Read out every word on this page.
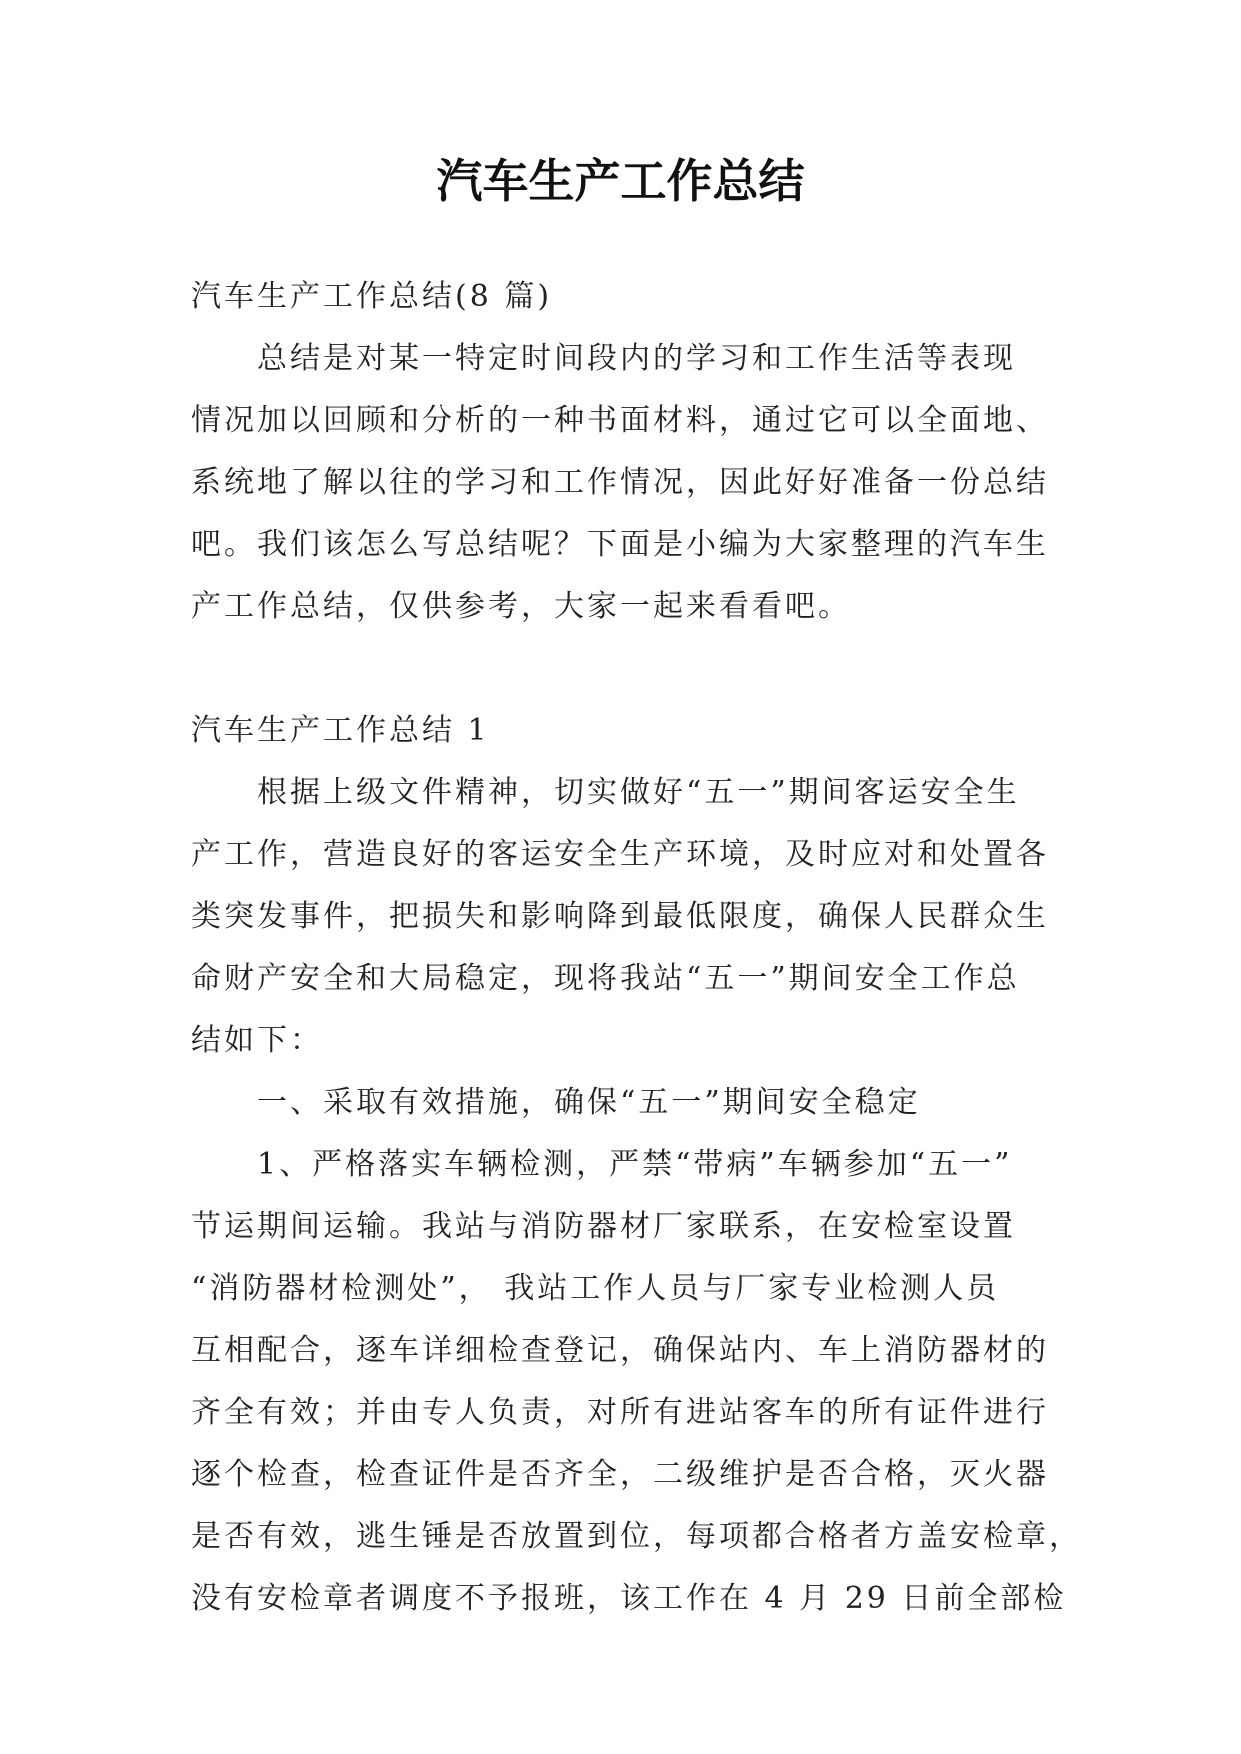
汽车生产工作总结
汽车生产工作总结(8 篇)
总结是对某一特定时间段内的学习和工作生活等表现
情况加以回顾和分析的一种书面材料，通过它可以全面地、
系统地了解以往的学习和工作情况，因此好好准备一份总结
吧。我们该怎么写总结呢？下面是小编为大家整理的汽车生
产工作总结，仅供参考，大家一起来看看吧。
汽车生产工作总结 1
根据上级文件精神，切实做好“五一”期间客运安全生
产工作，营造良好的客运安全生产环境，及时应对和处置各
类突发事件，把损失和影响降到最低限度，确保人民群众生
命财产安全和大局稳定，现将我站“五一”期间安全工作总
结如下：
一、采取有效措施，确保“五一”期间安全稳定
1、严格落实车辆检测，严禁“带病”车辆参加“五一”
节运期间运输。我站与消防器材厂家联系，在安检室设置
“消防器材检测处”， 我站工作人员与厂家专业检测人员
互相配合，逐车详细检查登记，确保站内、车上消防器材的
齐全有效；并由专人负责，对所有进站客车的所有证件进行
逐个检查，检查证件是否齐全，二级维护是否合格，灭火器
是否有效，逃生锤是否放置到位，每项都合格者方盖安检章，
没有安检章者调度不予报班，该工作在 4 月 29 日前全部检
